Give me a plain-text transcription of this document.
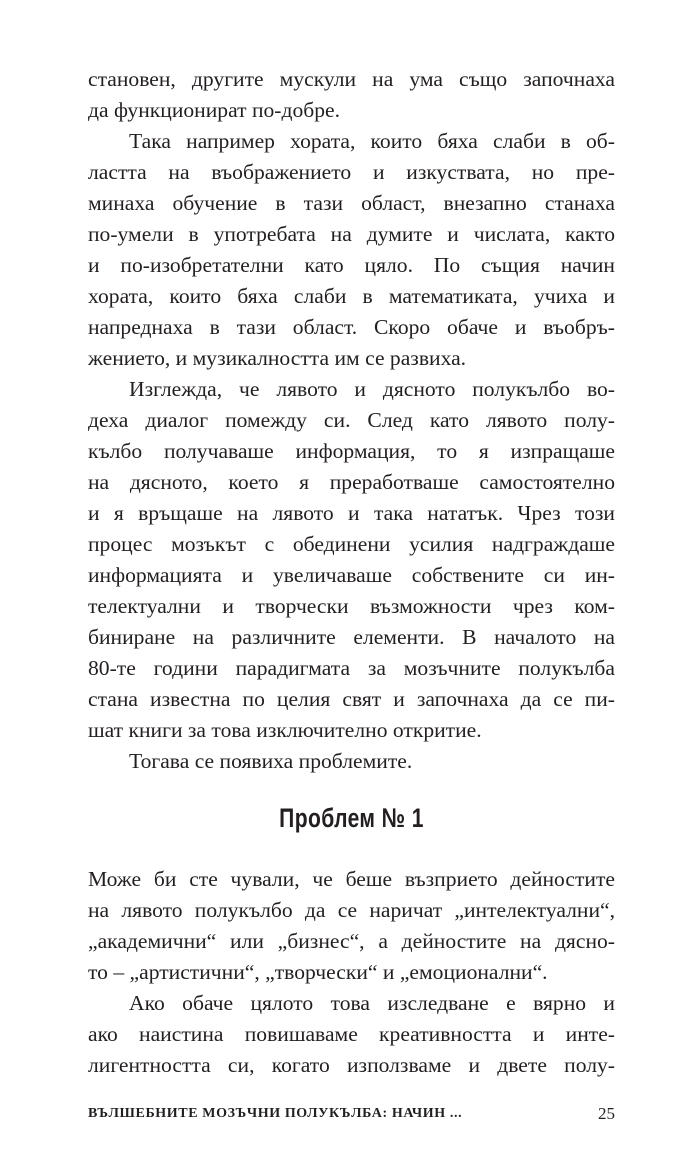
становен, другите мускули на ума също започнаха
да функционират по-добре.
Така например хората, които бяха слаби в об-
ластта на въображението и изкуствата, но пре-
минаха обучение в тази област, внезапно станаха
по-умели в употребата на думите и числата, както
и по-изобретателни като цяло. По същия начин
хората, които бяха слаби в математиката, учиха и
напреднаха в тази област. Скоро обаче и въобръ-
жението, и музикалността им се развиха.
Изглежда, че лявото и дясното полукълбо во-
деха диалог помежду си. След като лявото полу-
кълбо получаваше информация, то я изпращаше
на дясното, което я преработваше самостоятелно
и я връщаше на лявото и така нататък. Чрез този
процес мозъкът с обединени усилия надграждаше
информацията и увеличаваше собствените си ин-
телектуални и творчески възможности чрез ком-
биниране на различните елементи. В началото на
80-те години парадигмата за мозъчните полукълба
стана известна по целия свят и започнаха да се пи-
шат книги за това изключително откритие.
Тогава се появиха проблемите.
Проблем № 1
Може би сте чували, че беше възприето дейностите
на лявото полукълбо да се наричат „интелектуални“,
„академични“ или „бизнес“, а дейностите на дясно-
то – „артистични“, „творчески“ и „емоционални“.
Ако обаче цялото това изследване е вярно и
ако наистина повишаваме креативността и инте-
лигентността си, когато използваме и двете полу-
ВЪЛШЕБНИТЕ МОЗЪЧНИ ПОЛУКЪЛБА: НАЧИН ...	25
